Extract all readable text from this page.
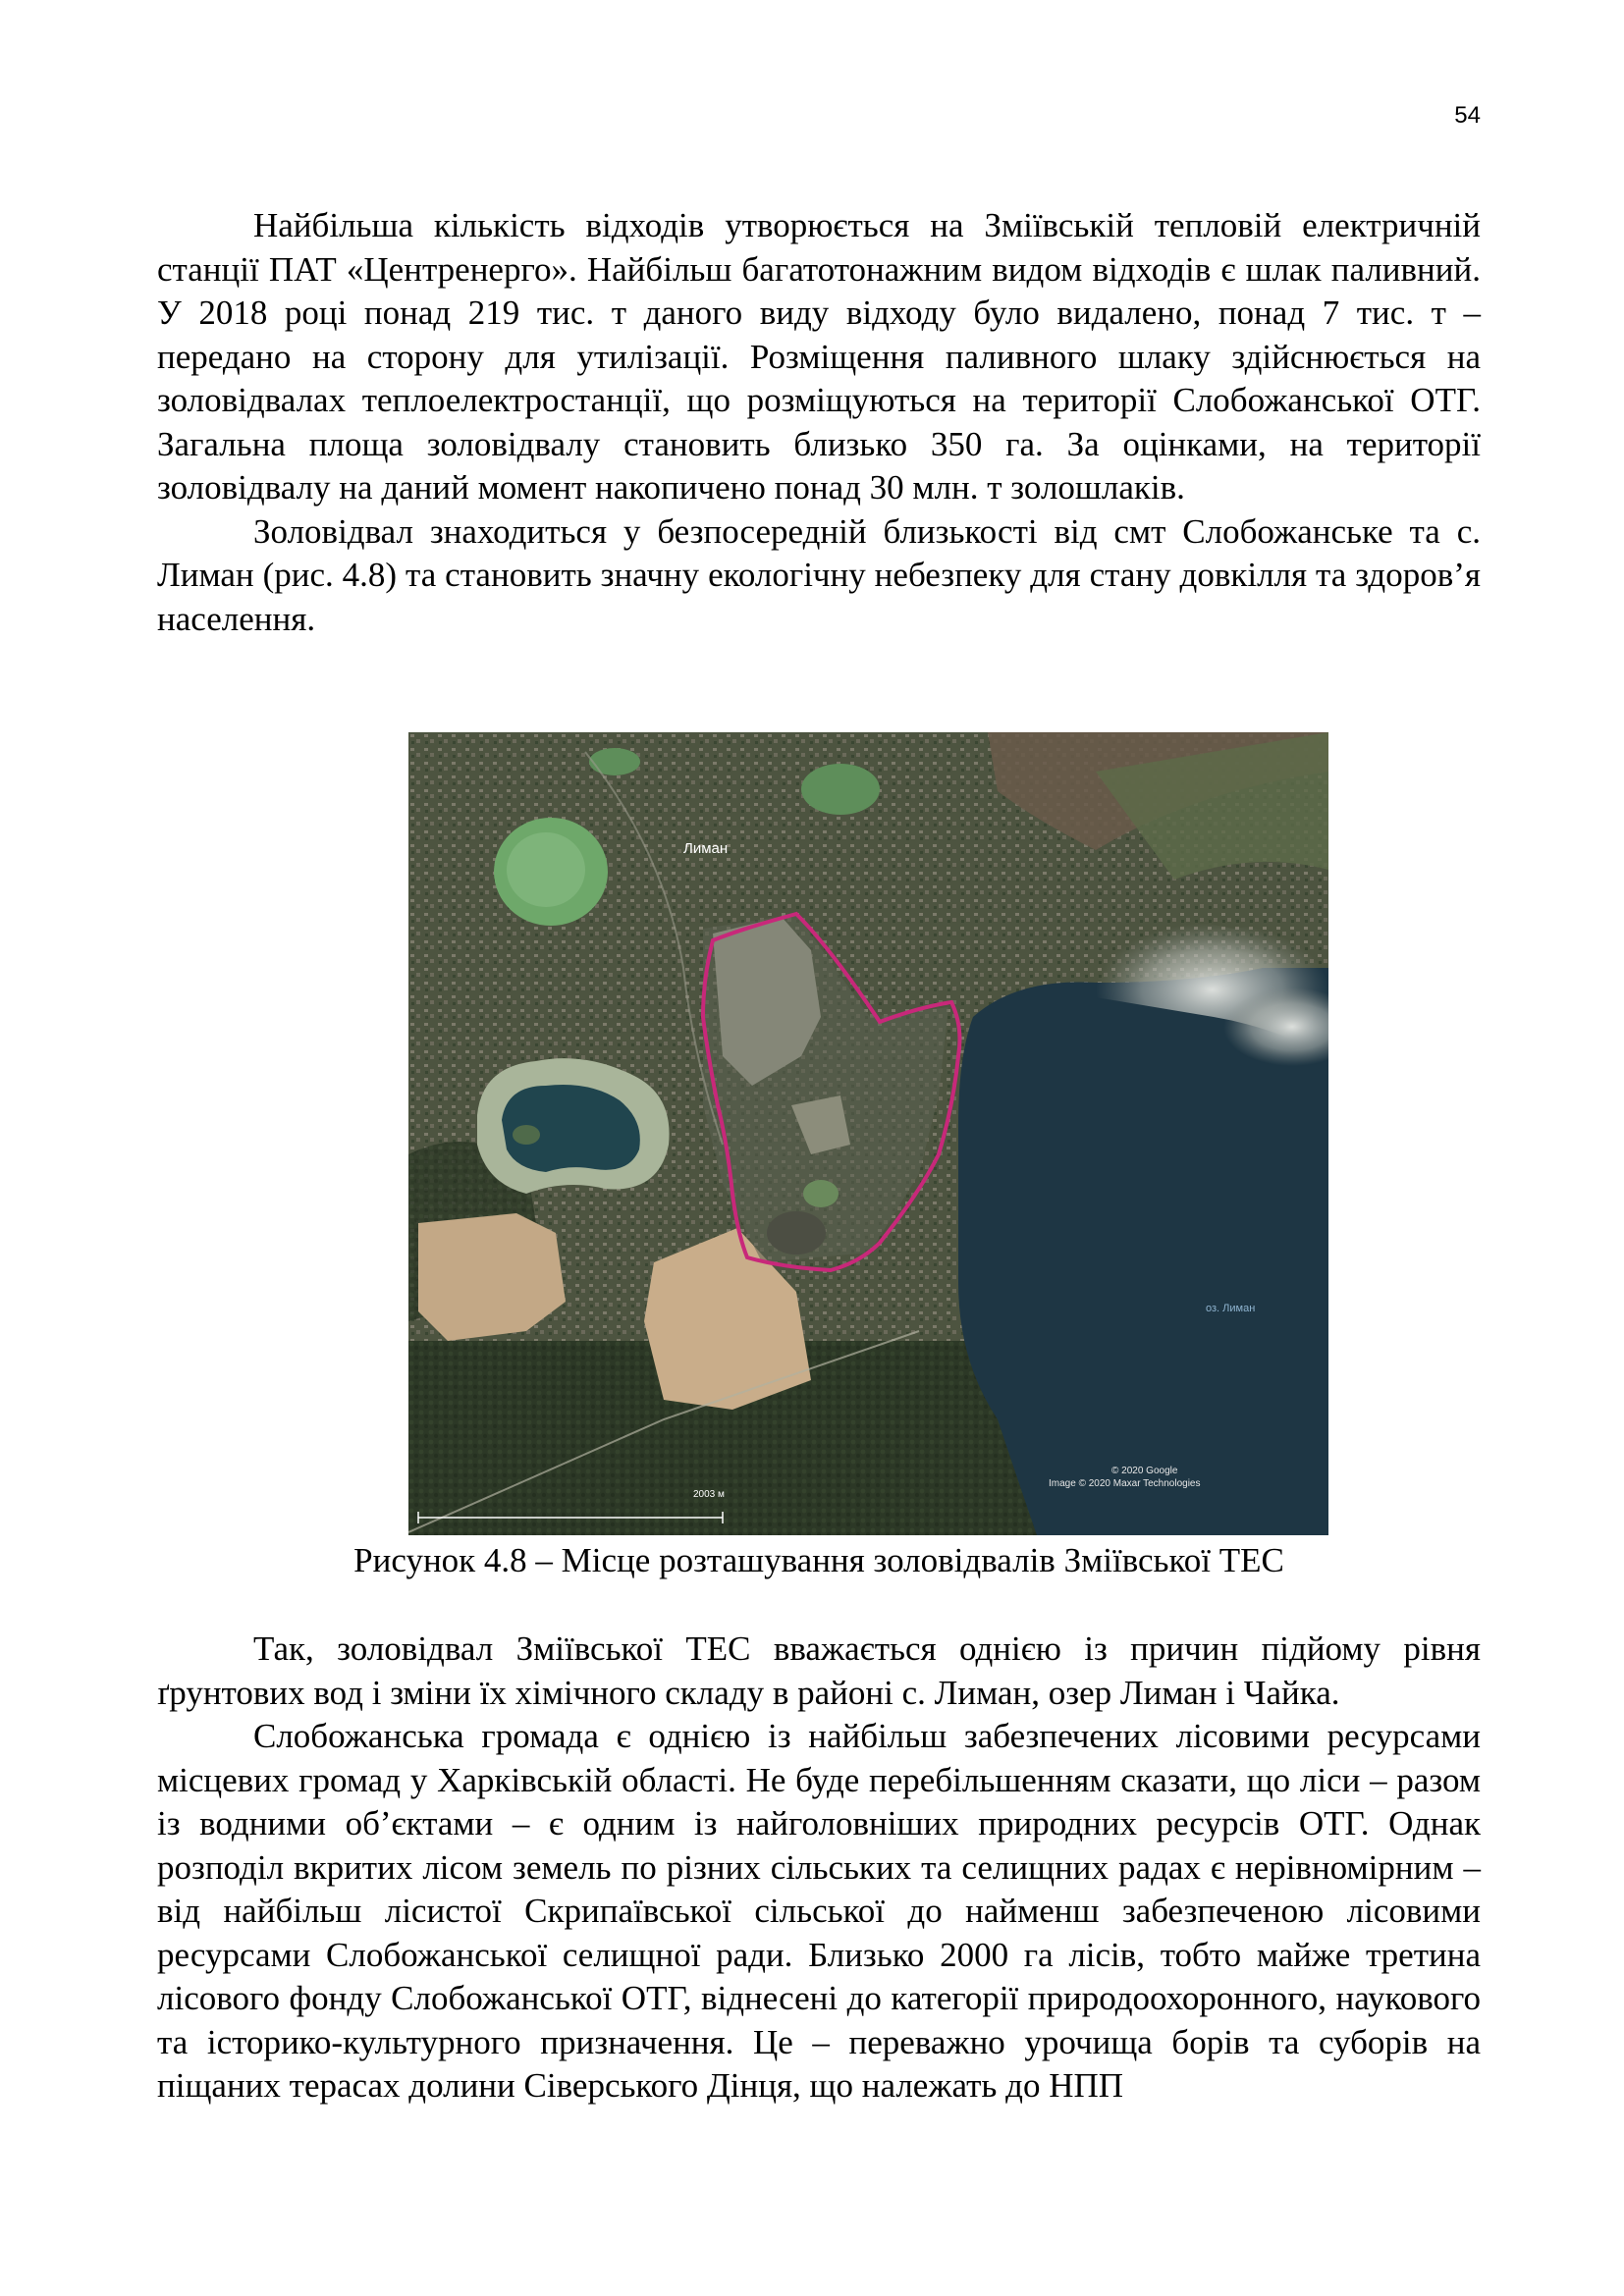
54

Найбільша кількість відходів утворюється на Зміївській тепловій електричній станції ПАТ «Центренерго». Найбільш багатотонажним видом відходів є шлак паливний. У 2018 році понад 219 тис. т даного виду відходу було видалено, понад 7 тис. т – передано на сторону для утилізації. Розміщення паливного шлаку здійснюється на золовідвалах теплоелектростанції, що розміщуються на території Слобожанської ОТГ. Загальна площа золовідвалу становить близько 350 га. За оцінками, на території золовідвалу на даний момент накопичено понад 30 млн. т золошлаків.

Золовідвал знаходиться у безпосередній близькості від смт Слобожанське та с. Лиман (рис. 4.8) та становить значну екологічну небезпеку для стану довкілля та здоров’я населення.

Лиман
оз. Лиман
2003 м
© 2020 Google
Image © 2020 Maxar Technologies
Рисунок 4.8 – Місце розташування золовідвалів Зміївської ТЕС

Так, золовідвал Зміївської ТЕС вважається однією із причин підйому рівня ґрунтових вод і зміни їх хімічного складу в районі с. Лиман, озер Лиман і Чайка.

Слобожанська громада є однією із найбільш забезпечених лісовими ресурсами місцевих громад у Харківській області. Не буде перебільшенням сказати, що ліси – разом із водними об’єктами – є одним із найголовніших природних ресурсів ОТГ. Однак розподіл вкритих лісом земель по різних сільських та селищних радах є нерівномірним – від найбільш лісистої Скрипаївської сільської до найменш забезпеченою лісовими ресурсами Слобожанської селищної ради. Близько 2000 га лісів, тобто майже третина лісового фонду Слобожанської ОТГ, віднесені до категорії природоохоронного, наукового та історико-культурного призначення. Це – переважно урочища борів та суборів на піщаних терасах долини Сіверського Дінця, що належать до НПП
